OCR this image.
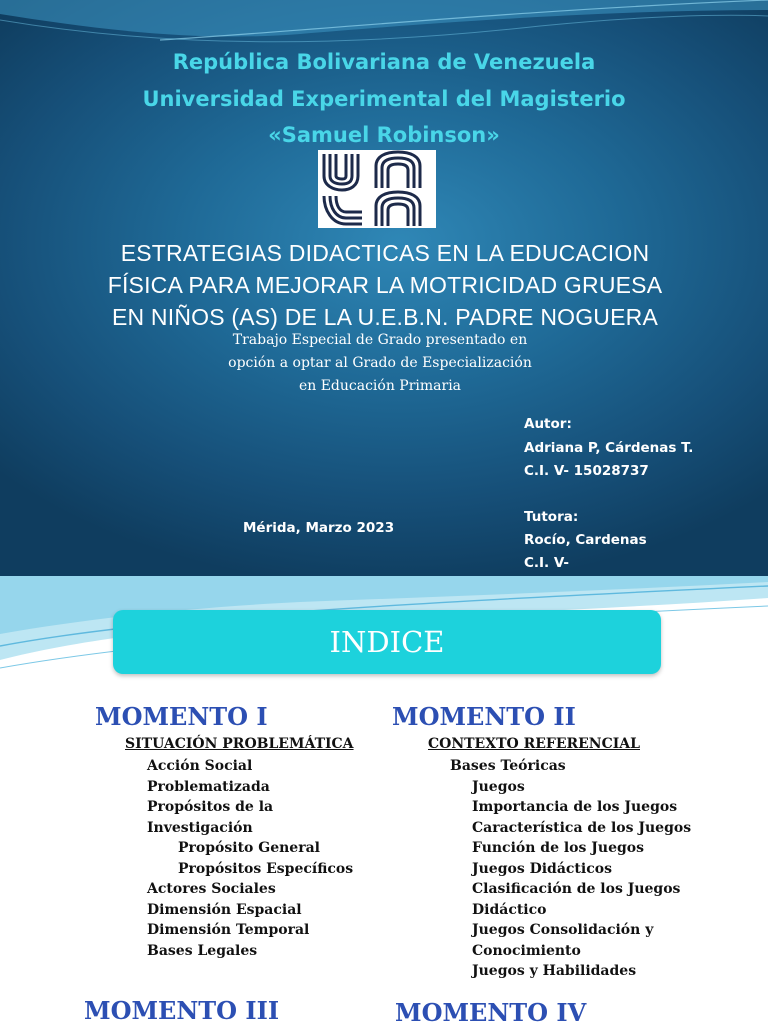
República Bolivariana de Venezuela
Universidad Experimental del Magisterio
«Samuel Robinson»
ESTRATEGIAS DIDACTICAS EN LA EDUCACION
FÍSICA PARA MEJORAR LA MOTRICIDAD GRUESA
EN NIÑOS (AS) DE LA U.E.B.N. PADRE NOGUERA
Trabajo Especial de Grado presentado en
opción a optar al Grado de Especialización
en Educación Primaria
Autor:
Adriana P, Cárdenas T.
C.I. V- 15028737
Tutora:
Rocío, Cardenas
C.I. V-
Mérida, Marzo 2023
INDICE
MOMENTO I
SITUACIÓN PROBLEMÁTICA
Acción Social
Problematizada
Propósitos de la
Investigación
Propósito General
Propósitos Específicos
Actores Sociales
Dimensión Espacial
Dimensión Temporal
Bases Legales
MOMENTO II
CONTEXTO REFERENCIAL
Bases Teóricas
Juegos
Importancia de los Juegos
Característica de los Juegos
Función de los Juegos
Juegos Didácticos
Clasificación de los Juegos
Didáctico
Juegos Consolidación y
Conocimiento
Juegos y Habilidades
MOMENTO III	MOMENTO IV
